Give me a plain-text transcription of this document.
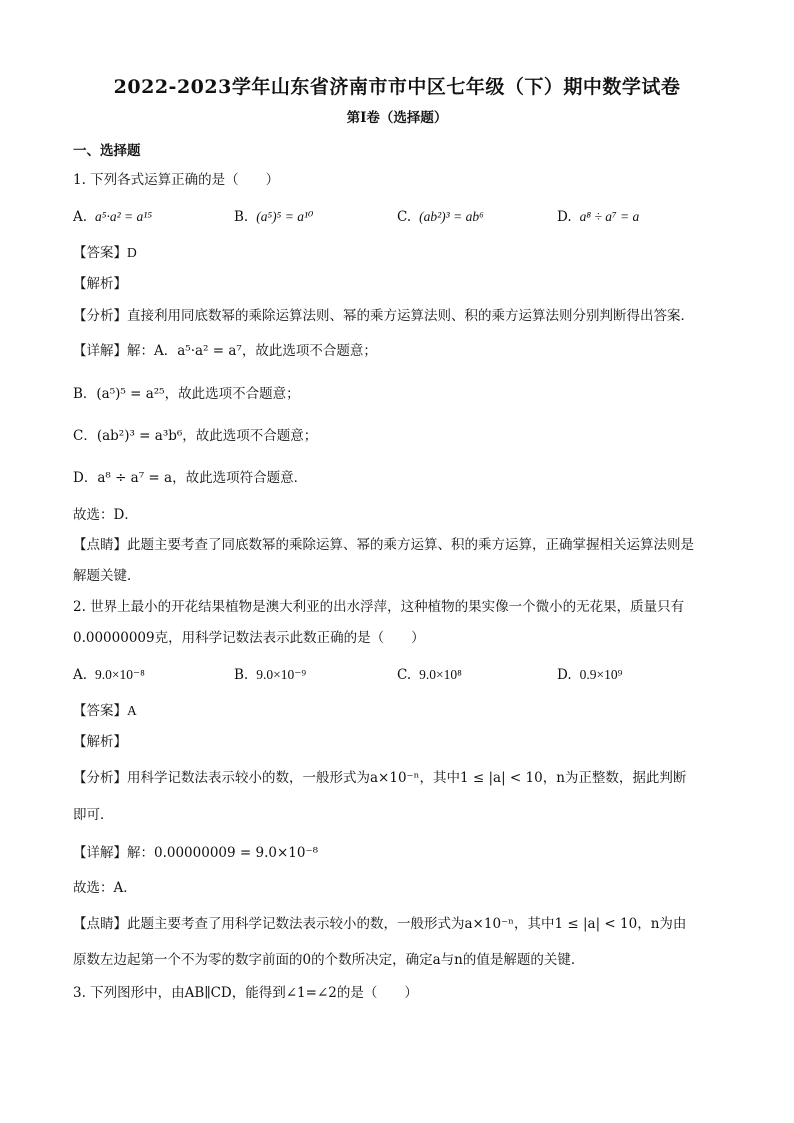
2022-2023学年山东省济南市市中区七年级（下）期中数学试卷
第Ⅰ卷（选择题）
一、选择题
1. 下列各式运算正确的是（　　）
A. a⁵·a² = a¹⁵	B. (a⁵)⁵ = a¹⁰	C. (ab²)³ = ab⁶	D. a⁸ ÷ a⁷ = a
【答案】D
【解析】
【分析】直接利用同底数幂的乘除运算法则、幂的乘方运算法则、积的乘方运算法则分别判断得出答案．
【详解】解：A．a⁵·a² = a⁷，故此选项不合题意；
B．(a⁵)⁵ = a²⁵，故此选项不合题意；
C．(ab²)³ = a³b⁶，故此选项不合题意；
D．a⁸ ÷ a⁷ = a，故此选项符合题意．
故选：D．
【点睛】此题主要考查了同底数幂的乘除运算、幂的乘方运算、积的乘方运算，正确掌握相关运算法则是
解题关键．
2. 世界上最小的开花结果植物是澳大利亚的出水浮萍，这种植物的果实像一个微小的无花果，质量只有
0.00000009克，用科学记数法表示此数正确的是（　　）
A. 9.0×10⁻⁸	B. 9.0×10⁻⁹	C. 9.0×10⁸	D. 0.9×10⁹
【答案】A
【解析】
【分析】用科学记数法表示较小的数，一般形式为a×10⁻ⁿ，其中1 ≤ |a| < 10，n为正整数，据此判断
即可．
【详解】解：0.00000009 = 9.0×10⁻⁸
故选：A．
【点睛】此题主要考查了用科学记数法表示较小的数，一般形式为a×10⁻ⁿ，其中1 ≤ |a| < 10，n为由
原数左边起第一个不为零的数字前面的0的个数所决定，确定a与n的值是解题的关键．
3. 下列图形中，由AB∥CD，能得到∠1=∠2的是（　　）
